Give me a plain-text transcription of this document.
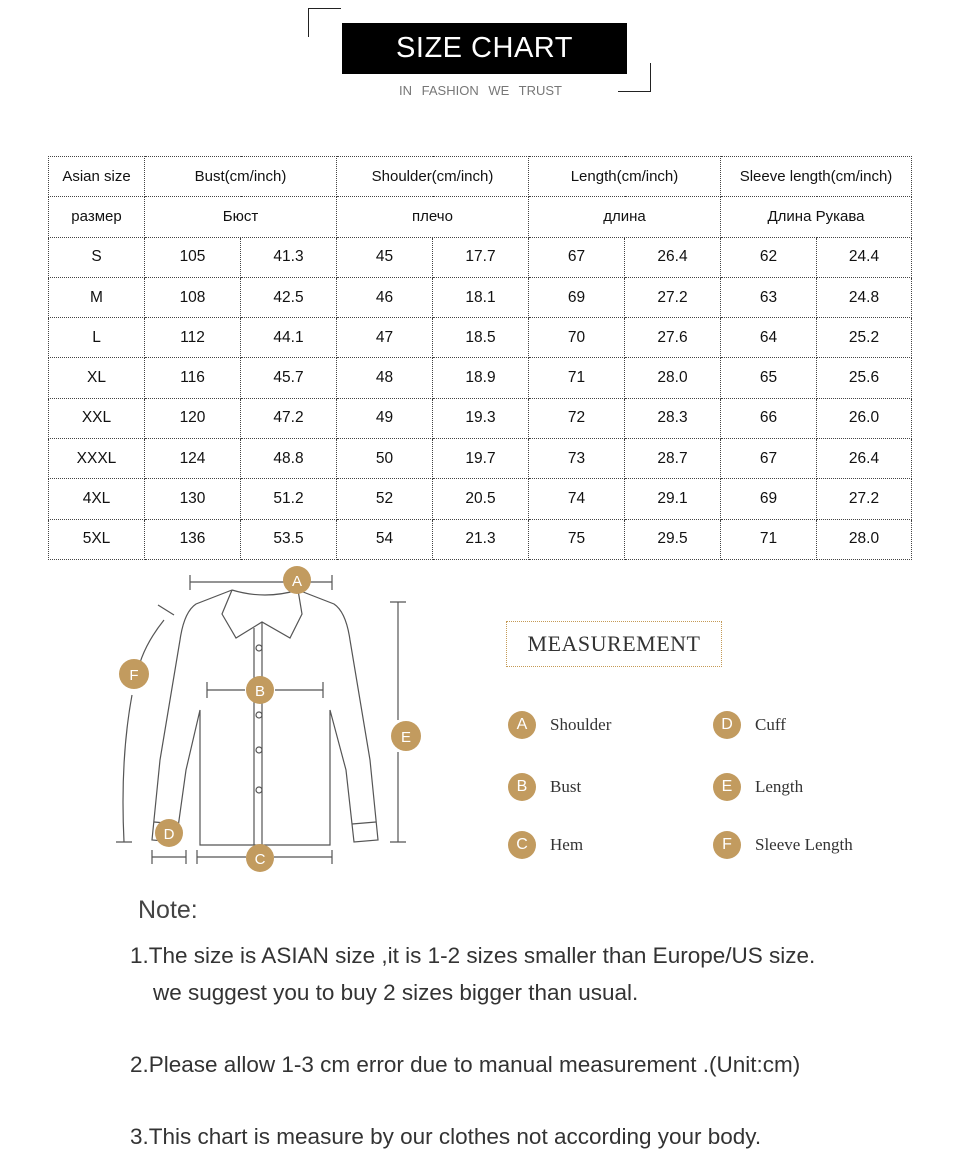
SIZE CHART
IN FASHION WE TRUST
Asian size	Bust(cm/inch)		Shoulder(cm/inch)		Length(cm/inch)		Sleeve length(cm/inch)	
размер	Бюст		плечо		длина		Длина Рукава	
S	105	41.3	45	17.7	67	26.4	62	24.4
M	108	42.5	46	18.1	69	27.2	63	24.8
L	112	44.1	47	18.5	70	27.6	64	25.2
XL	116	45.7	48	18.9	71	28.0	65	25.6
XXL	120	47.2	49	19.3	72	28.3	66	26.0
XXXL	124	48.8	50	19.7	73	28.7	67	26.4
4XL	130	51.2	52	20.5	74	29.1	69	27.2
5XL	136	53.5	54	21.3	75	29.5	71	28.0
A
B
C
D
E
F
MEASUREMENT
A	Shoulder
B	Bust
C	Hem
D	Cuff
E	Length
F	Sleeve Length
Note:
1.The size is ASIAN size ,it is 1-2 sizes smaller than Europe/US size.
we suggest you to buy 2 sizes bigger than usual.
2.Please allow 1-3 cm error due to manual measurement .(Unit:cm)
3.This chart is measure by our clothes not according your body.
